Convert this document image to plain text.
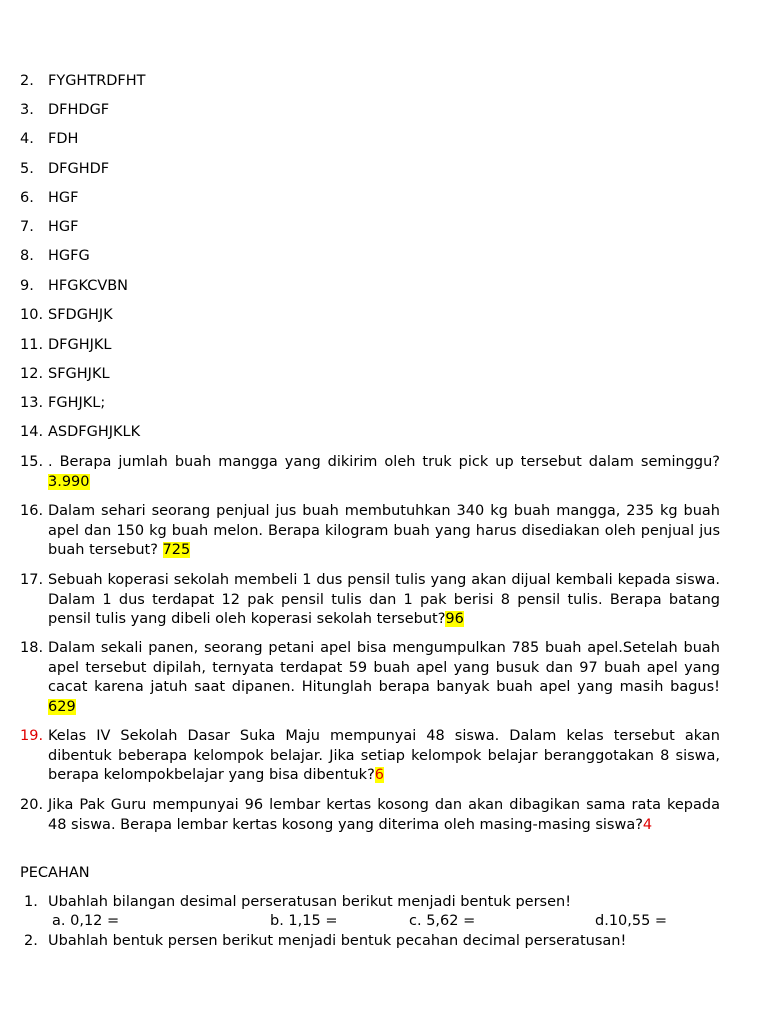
2. FYGHTRDFHT
3. DFHDGF
4. FDH
5. DFGHDF
6. HGF
7. HGF
8. HGFG
9. HFGKCVBN
10. SFDGHJK
11. DFGHJKL
12. SFGHJKL
13. FGHJKL;
14. ASDFGHJKLK
15. . Berapa jumlah buah mangga yang dikirim oleh truk pick up tersebut dalam seminggu?3.990
16. Dalam sehari seorang penjual jus buah membutuhkan 340 kg buah mangga, 235 kg buah apel dan 150 kg buah melon. Berapa kilogram buah yang harus disediakan oleh penjual jus buah tersebut? 725
17. Sebuah koperasi sekolah membeli 1 dus pensil tulis yang akan dijual kembali kepada siswa. Dalam 1 dus terdapat 12 pak pensil tulis dan 1 pak berisi 8 pensil tulis. Berapa batang pensil tulis yang dibeli oleh koperasi sekolah tersebut?96
18. Dalam sekali panen, seorang petani apel bisa mengumpulkan 785 buah apel.Setelah buah apel tersebut dipilah, ternyata terdapat 59 buah apel yang busuk dan 97 buah apel yang cacat karena jatuh saat dipanen. Hitunglah berapa banyak buah apel yang masih bagus! 629
19. Kelas IV Sekolah Dasar Suka Maju mempunyai 48 siswa. Dalam kelas tersebut akan dibentuk beberapa kelompok belajar. Jika setiap kelompok belajar beranggotakan 8 siswa, berapa kelompokbelajar yang bisa dibentuk?6
20. Jika Pak Guru mempunyai 96 lembar kertas kosong dan akan dibagikan sama rata kepada 48 siswa. Berapa lembar kertas kosong yang diterima oleh masing-masing siswa?4
PECAHAN
1. Ubahlah bilangan desimal perseratusan berikut menjadi bentuk persen!
a. 0,12 =	b. 1,15 =	c. 5,62 =	d.10,55 =
2. Ubahlah bentuk persen berikut menjadi bentuk pecahan decimal perseratusan!
